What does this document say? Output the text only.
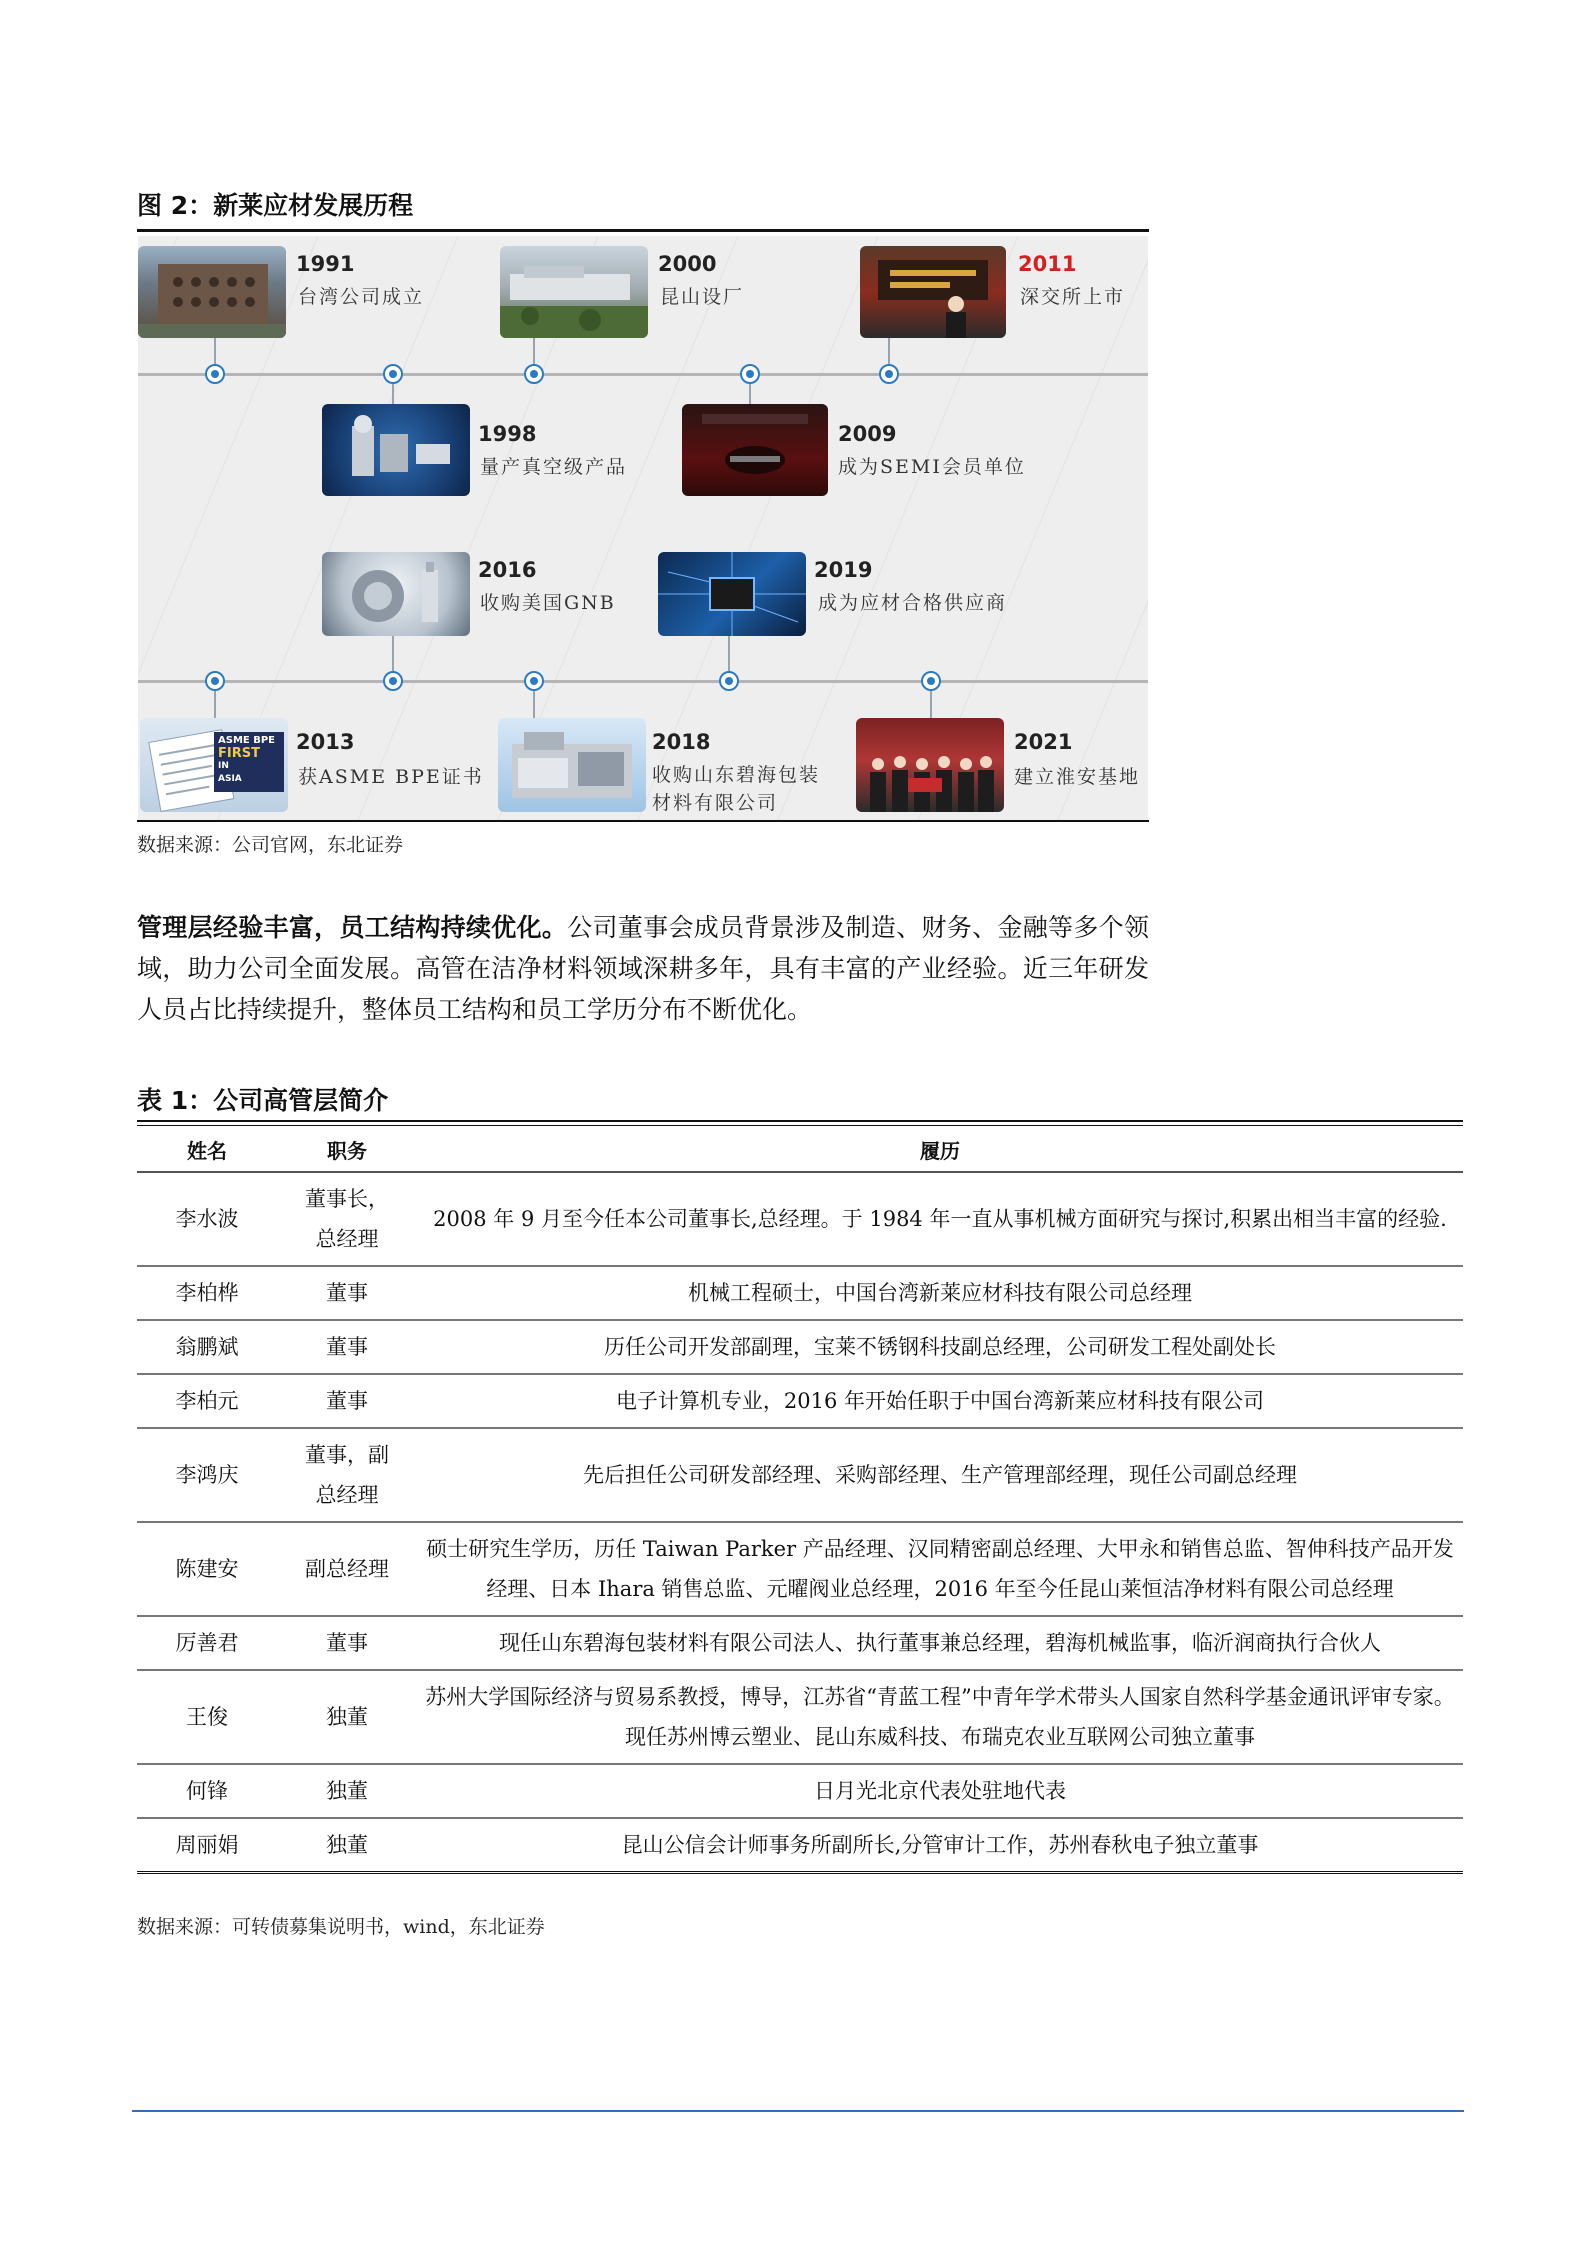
图 2：新莱应材发展历程
1991
台湾公司成立
2000
昆山设厂
2011
深交所上市
1998
量产真空级产品
2009
成为SEMI会员单位
2016
收购美国GNB
2019
成为应材合格供应商
ASME BPE
FIRST
IN
ASIA
2013
获ASME BPE证书
2018
收购山东碧海包装
材料有限公司
2021
建立淮安基地
数据来源：公司官网，东北证券
管理层经验丰富，员工结构持续优化。公司董事会成员背景涉及制造、财务、金融等多个领域，助力公司全面发展。高管在洁净材料领域深耕多年，具有丰富的产业经验。近三年研发人员占比持续提升，整体员工结构和员工学历分布不断优化。
表 1：公司高管层简介
姓名	职务	履历
李水波	董事长，总经理	2008 年 9 月至今任本公司董事长,总经理。于 1984 年一直从事机械方面研究与探讨,积累出相当丰富的经验.
李柏桦	董事	机械工程硕士，中国台湾新莱应材科技有限公司总经理
翁鹏斌	董事	历任公司开发部副理，宝莱不锈钢科技副总经理，公司研发工程处副处长
李柏元	董事	电子计算机专业，2016 年开始任职于中国台湾新莱应材科技有限公司
李鸿庆	董事，副总经理	先后担任公司研发部经理、采购部经理、生产管理部经理，现任公司副总经理
陈建安	副总经理	硕士研究生学历，历任 Taiwan Parker 产品经理、汉同精密副总经理、大甲永和销售总监、智伸科技产品开发经理、日本 Ihara 销售总监、元曜阀业总经理，2016 年至今任昆山莱恒洁净材料有限公司总经理
厉善君	董事	现任山东碧海包装材料有限公司法人、执行董事兼总经理，碧海机械监事，临沂润商执行合伙人
王俊	独董	苏州大学国际经济与贸易系教授，博导，江苏省“青蓝工程”中青年学术带头人国家自然科学基金通讯评审专家。现任苏州博云塑业、昆山东威科技、布瑞克农业互联网公司独立董事
何锋	独董	日月光北京代表处驻地代表
周丽娟	独董	昆山公信会计师事务所副所长,分管审计工作，苏州春秋电子独立董事
数据来源：可转债募集说明书，wind，东北证券
